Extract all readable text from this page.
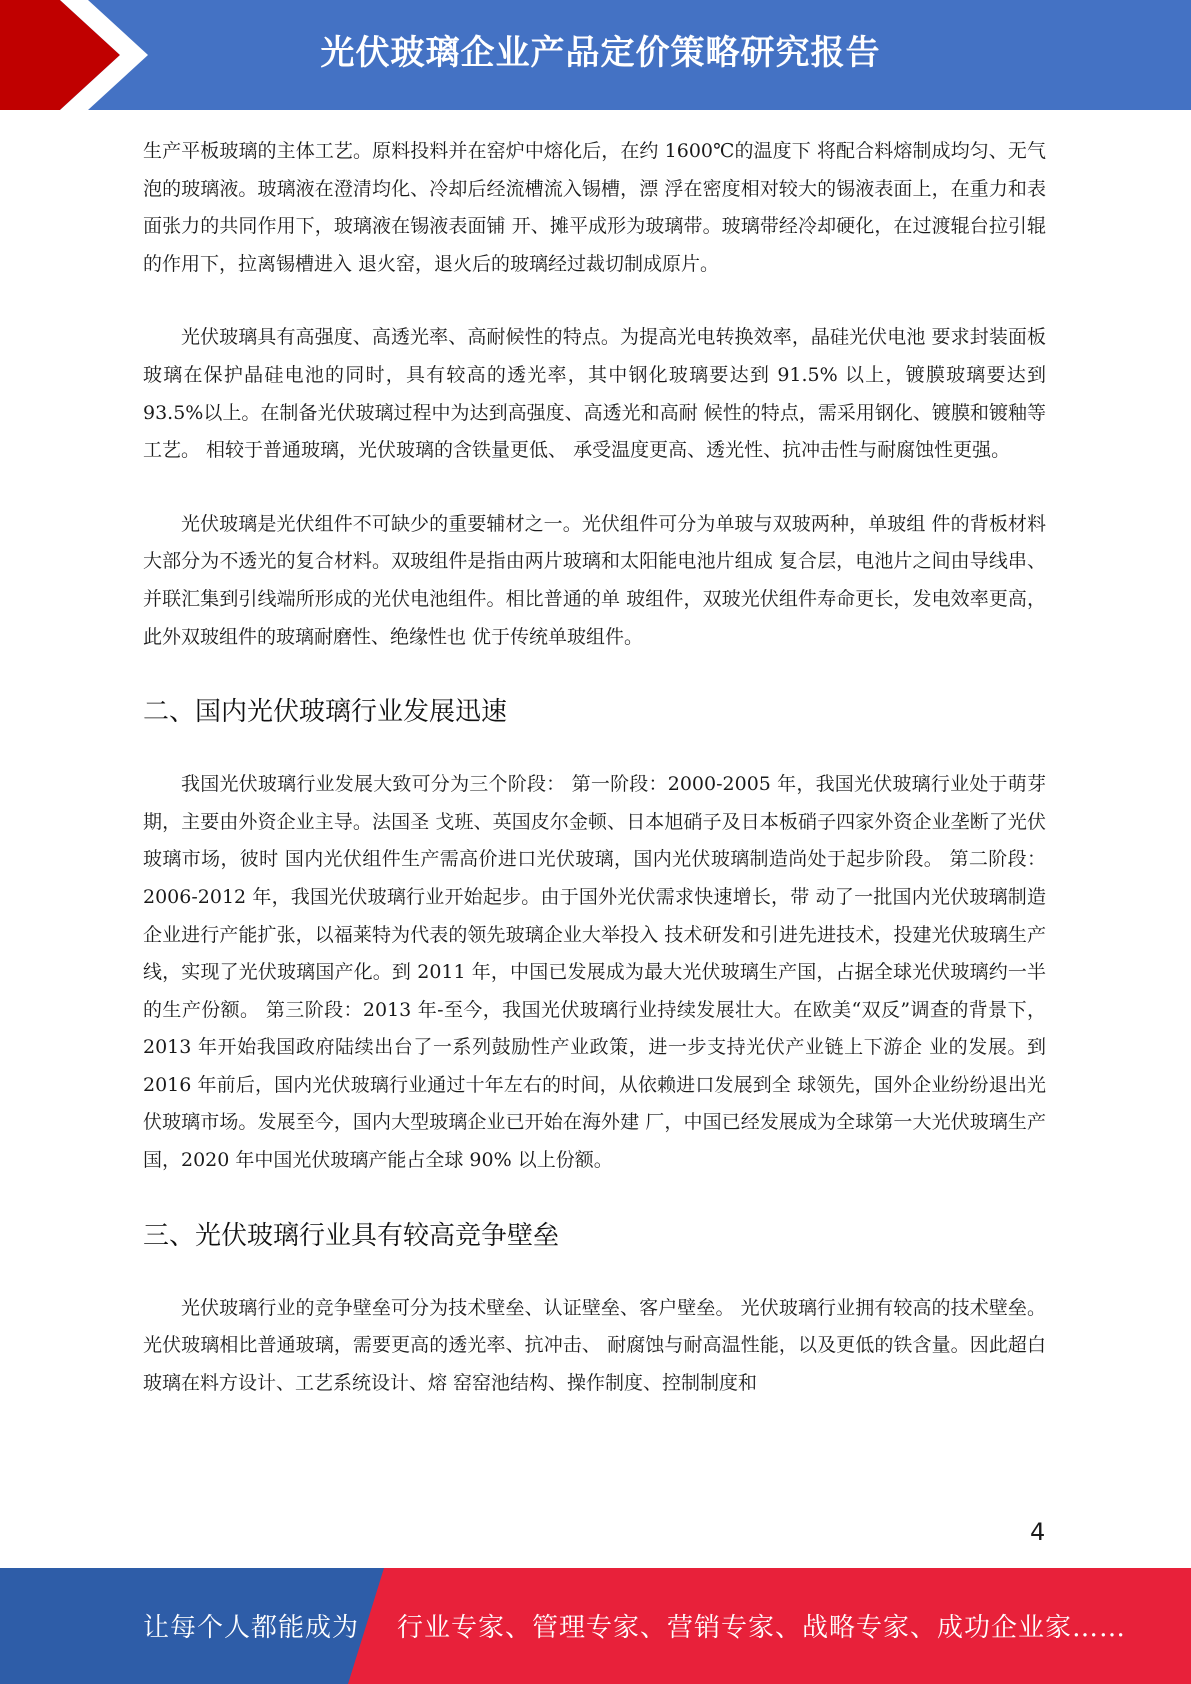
光伏玻璃企业产品定价策略研究报告

生产平板玻璃的主体工艺。原料投料并在窑炉中熔化后，在约 1600℃的温度下 将配合料熔制成均匀、无气泡的玻璃液。玻璃液在澄清均化、冷却后经流槽流入锡槽，漂 浮在密度相对较大的锡液表面上，在重力和表面张力的共同作用下，玻璃液在锡液表面铺 开、摊平成形为玻璃带。玻璃带经冷却硬化，在过渡辊台拉引辊的作用下，拉离锡槽进入 退火窑，退火后的玻璃经过裁切制成原片。

光伏玻璃具有高强度、高透光率、高耐候性的特点。为提高光电转换效率，晶硅光伏电池 要求封装面板玻璃在保护晶硅电池的同时，具有较高的透光率，其中钢化玻璃要达到 91.5% 以上，镀膜玻璃要达到 93.5%以上。在制备光伏玻璃过程中为达到高强度、高透光和高耐 候性的特点，需采用钢化、镀膜和镀釉等工艺。 相较于普通玻璃，光伏玻璃的含铁量更低、 承受温度更高、透光性、抗冲击性与耐腐蚀性更强。

光伏玻璃是光伏组件不可缺少的重要辅材之一。光伏组件可分为单玻与双玻两种，单玻组 件的背板材料大部分为不透光的复合材料。双玻组件是指由两片玻璃和太阳能电池片组成 复合层，电池片之间由导线串、并联汇集到引线端所形成的光伏电池组件。相比普通的单 玻组件，双玻光伏组件寿命更长，发电效率更高，此外双玻组件的玻璃耐磨性、绝缘性也 优于传统单玻组件。

二、国内光伏玻璃行业发展迅速

我国光伏玻璃行业发展大致可分为三个阶段： 第一阶段：2000-2005 年，我国光伏玻璃行业处于萌芽期，主要由外资企业主导。法国圣 戈班、英国皮尔金顿、日本旭硝子及日本板硝子四家外资企业垄断了光伏玻璃市场，彼时 国内光伏组件生产需高价进口光伏玻璃，国内光伏玻璃制造尚处于起步阶段。 第二阶段：2006-2012 年，我国光伏玻璃行业开始起步。由于国外光伏需求快速增长，带 动了一批国内光伏玻璃制造企业进行产能扩张，以福莱特为代表的领先玻璃企业大举投入 技术研发和引进先进技术，投建光伏玻璃生产线，实现了光伏玻璃国产化。到 2011 年，中国已发展成为最大光伏玻璃生产国，占据全球光伏玻璃约一半的生产份额。 第三阶段：2013 年-至今，我国光伏玻璃行业持续发展壮大。在欧美“双反”调查的背景下， 2013 年开始我国政府陆续出台了一系列鼓励性产业政策，进一步支持光伏产业链上下游企 业的发展。到 2016 年前后，国内光伏玻璃行业通过十年左右的时间，从依赖进口发展到全 球领先，国外企业纷纷退出光伏玻璃市场。发展至今，国内大型玻璃企业已开始在海外建 厂，中国已经发展成为全球第一大光伏玻璃生产国，2020 年中国光伏玻璃产能占全球 90% 以上份额。

三、光伏玻璃行业具有较高竞争壁垒

光伏玻璃行业的竞争壁垒可分为技术壁垒、认证壁垒、客户壁垒。 光伏玻璃行业拥有较高的技术壁垒。光伏玻璃相比普通玻璃，需要更高的透光率、抗冲击、 耐腐蚀与耐高温性能，以及更低的铁含量。因此超白玻璃在料方设计、工艺系统设计、熔 窑窑池结构、操作制度、控制制度和

4
让每个人都能成为 行业专家、管理专家、营销专家、战略专家、成功企业家……
